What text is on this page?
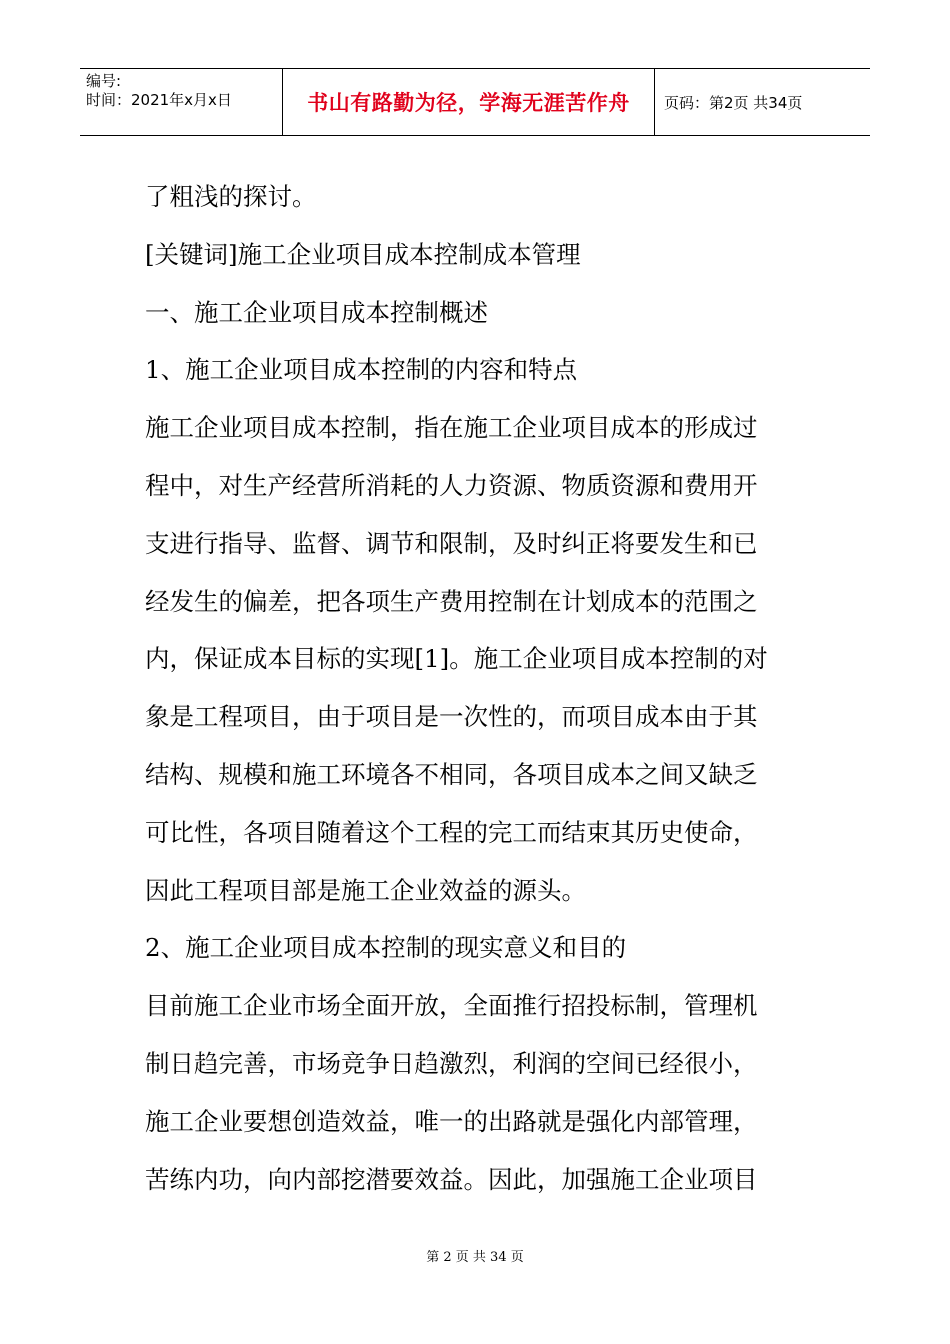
编号:
时间：2021年x月x日	书山有路勤为径，学海无涯苦作舟 页码：第2页 共34页
了粗浅的探讨。
[关键词]施工企业项目成本控制成本管理
一、施工企业项目成本控制概述
1、施工企业项目成本控制的内容和特点
施工企业项目成本控制，指在施工企业项目成本的形成过
程中，对生产经营所消耗的人力资源、物质资源和费用开
支进行指导、监督、调节和限制，及时纠正将要发生和已
经发生的偏差，把各项生产费用控制在计划成本的范围之
内，保证成本目标的实现[1]。施工企业项目成本控制的对
象是工程项目，由于项目是一次性的，而项目成本由于其
结构、规模和施工环境各不相同，各项目成本之间又缺乏
可比性，各项目随着这个工程的完工而结束其历史使命，
因此工程项目部是施工企业效益的源头。
2、施工企业项目成本控制的现实意义和目的
目前施工企业市场全面开放，全面推行招投标制，管理机
制日趋完善，市场竞争日趋激烈，利润的空间已经很小，
施工企业要想创造效益，唯一的出路就是强化内部管理，
苦练内功，向内部挖潜要效益。因此，加强施工企业项目
第 2 页 共 34 页
